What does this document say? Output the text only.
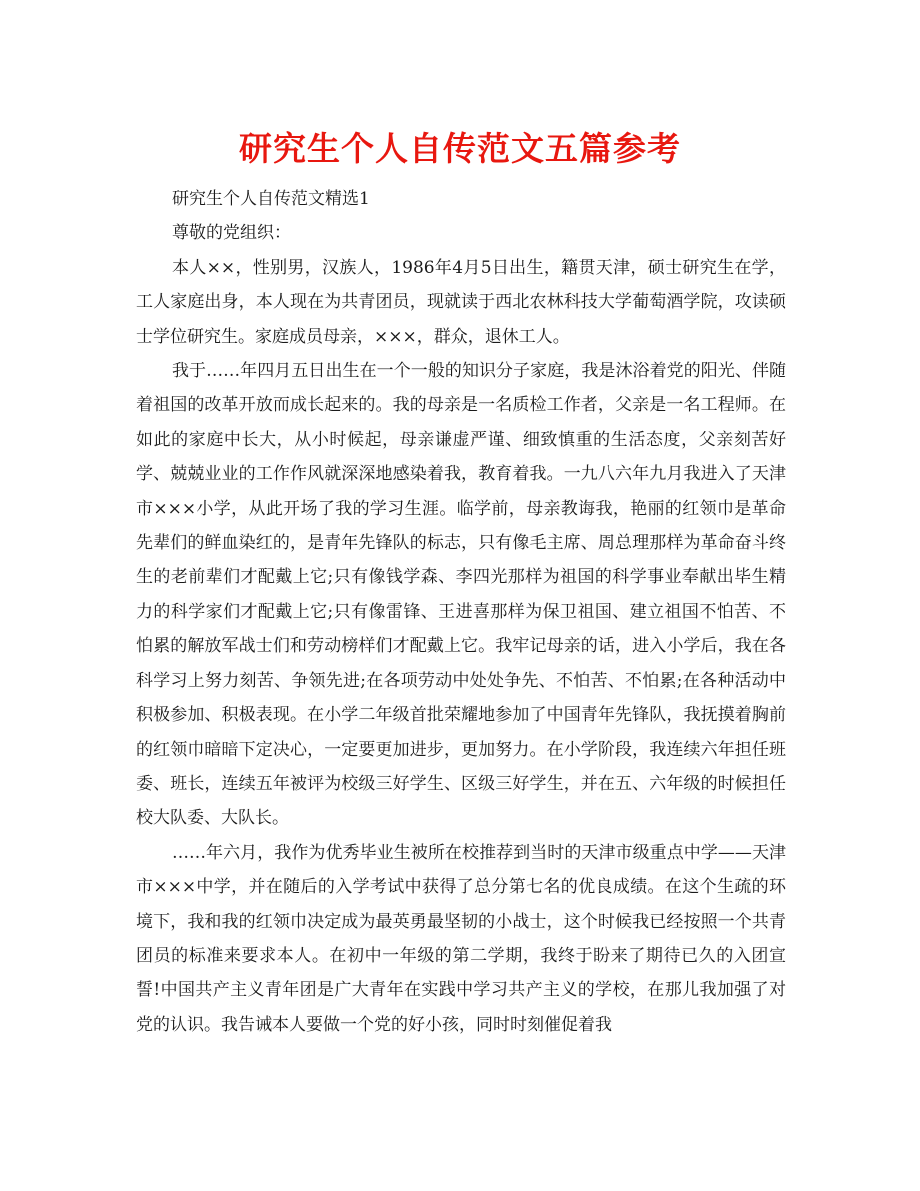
研究生个人自传范文五篇参考

研究生个人自传范文精选1

尊敬的党组织：

本人××，性别男，汉族人，1986年4月5日出生，籍贯天津，硕士研究生在学，工人家庭出身，本人现在为共青团员，现就读于西北农林科技大学葡萄酒学院，攻读硕士学位研究生。家庭成员母亲，×××，群众，退休工人。

我于……年四月五日出生在一个一般的知识分子家庭，我是沐浴着党的阳光、伴随着祖国的改革开放而成长起来的。我的母亲是一名质检工作者，父亲是一名工程师。在如此的家庭中长大，从小时候起，母亲谦虚严谨、细致慎重的生活态度，父亲刻苦好学、兢兢业业的工作作风就深深地感染着我，教育着我。一九八六年九月我进入了天津市×××小学，从此开场了我的学习生涯。临学前，母亲教诲我，艳丽的红领巾是革命先辈们的鲜血染红的，是青年先锋队的标志，只有像毛主席、周总理那样为革命奋斗终生的老前辈们才配戴上它;只有像钱学森、李四光那样为祖国的科学事业奉献出毕生精力的科学家们才配戴上它;只有像雷锋、王进喜那样为保卫祖国、建立祖国不怕苦、不怕累的解放军战士们和劳动榜样们才配戴上它。我牢记母亲的话，进入小学后，我在各科学习上努力刻苦、争领先进;在各项劳动中处处争先、不怕苦、不怕累;在各种活动中积极参加、积极表现。在小学二年级首批荣耀地参加了中国青年先锋队，我抚摸着胸前的红领巾暗暗下定决心，一定要更加进步，更加努力。在小学阶段，我连续六年担任班委、班长，连续五年被评为校级三好学生、区级三好学生，并在五、六年级的时候担任校大队委、大队长。

……年六月，我作为优秀毕业生被所在校推荐到当时的天津市级重点中学——天津市×××中学，并在随后的入学考试中获得了总分第七名的优良成绩。在这个生疏的环境下，我和我的红领巾决定成为最英勇最坚韧的小战士，这个时候我已经按照一个共青团员的标准来要求本人。在初中一年级的第二学期，我终于盼来了期待已久的入团宣誓!中国共产主义青年团是广大青年在实践中学习共产主义的学校，在那儿我加强了对党的认识。我告诫本人要做一个党的好小孩，同时时刻催促着我
